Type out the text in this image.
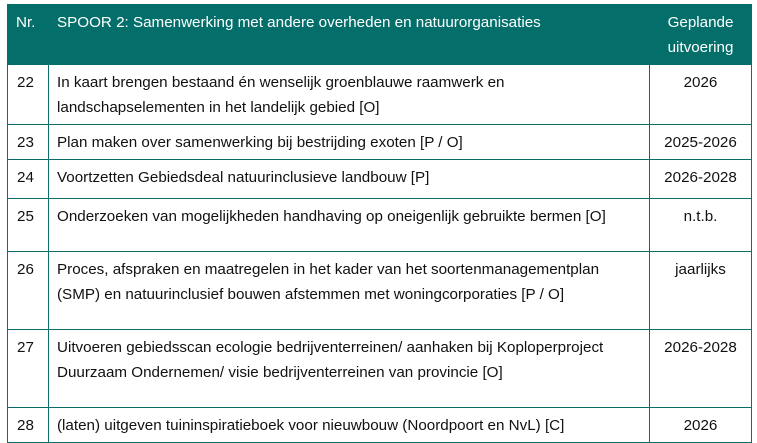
Nr.	SPOOR 2: Samenwerking met andere overheden en natuurorganisaties	Geplande uitvoering
22	In kaart brengen bestaand én wenselijk groenblauwe raamwerk en landschapselementen in het landelijk gebied [O]	2026
23	Plan maken over samenwerking bij bestrijding exoten [P / O]	2025-2026
24	Voortzetten Gebiedsdeal natuurinclusieve landbouw [P]	2026-2028
25	Onderzoeken van mogelijkheden handhaving op oneigenlijk gebruikte bermen [O]	n.t.b.
26	Proces, afspraken en maatregelen in het kader van het soortenmanagementplan (SMP) en natuurinclusief bouwen afstemmen met woningcorporaties [P / O]	jaarlijks
27	Uitvoeren gebiedsscan ecologie bedrijventerreinen/ aanhaken bij Koploperproject Duurzaam Ondernemen/ visie bedrijventerreinen van provincie [O]	2026-2028
28	(laten) uitgeven tuininspiratieboek voor nieuwbouw (Noordpoort en NvL) [C]	2026
